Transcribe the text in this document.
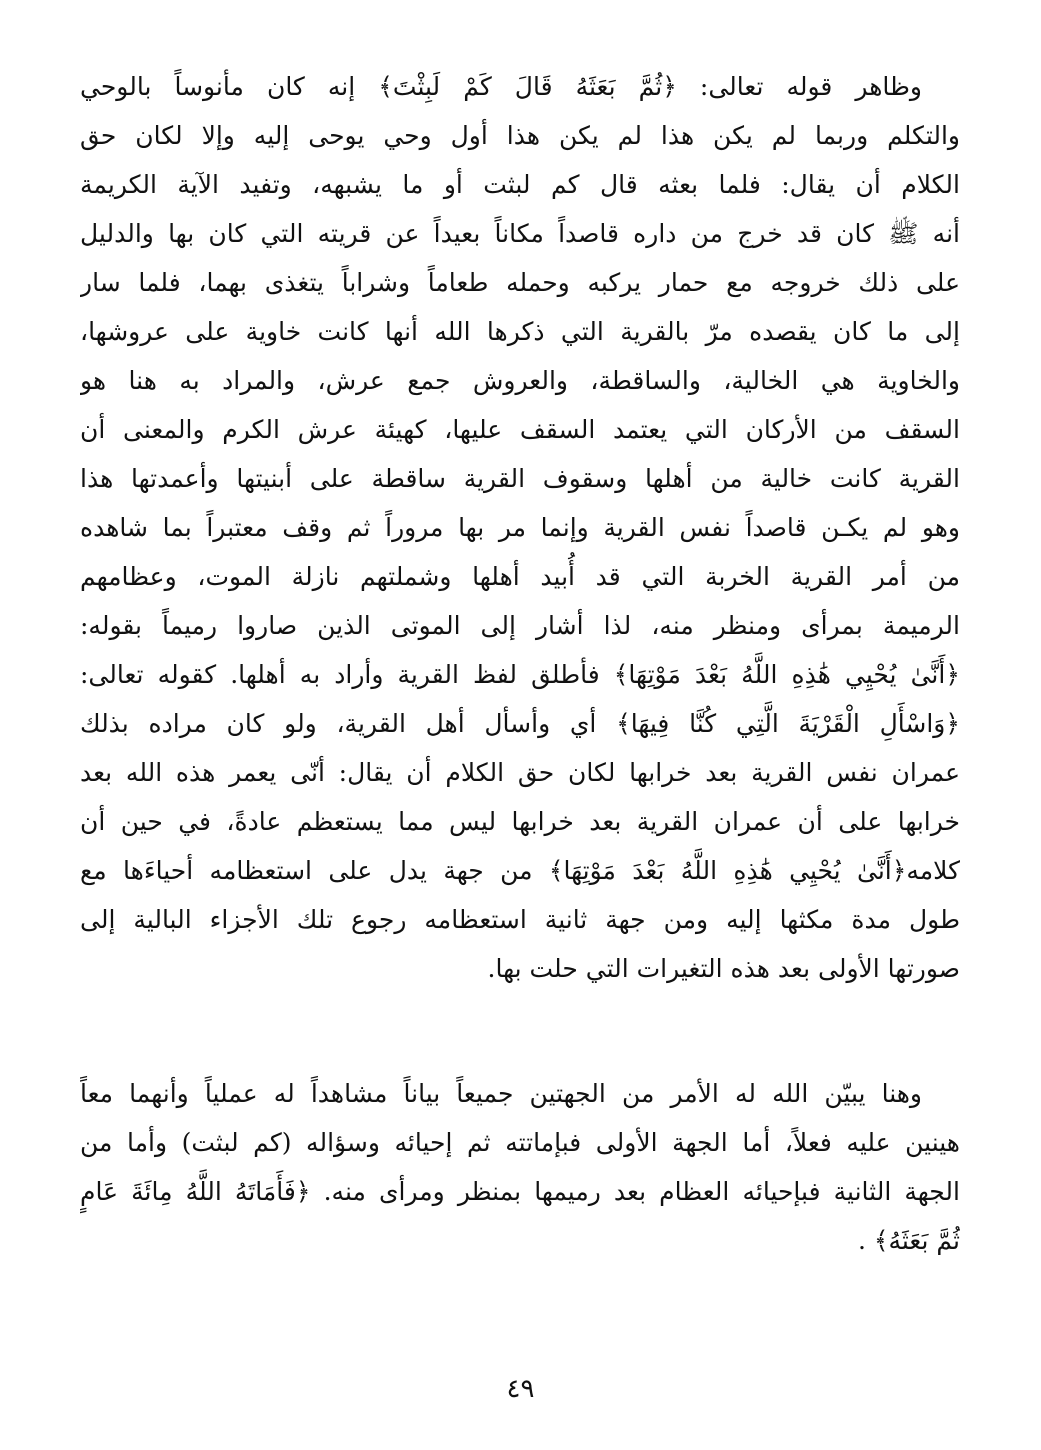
وظاهر قوله تعالى: ﴿ثُمَّ بَعَثَهُ قَالَ كَمْ لَبِثْتَ﴾ إنه كان مأنوساً بالوحي
والتكلم وربما لم يكن هذا لم يكن هذا أول وحي يوحى إليه وإلا لكان حق
الكلام أن يقال: فلما بعثه قال كم لبثت أو ما يشبهه، وتفيد الآية الكريمة
أنه ﷺ كان قد خرج من داره قاصداً مكاناً بعيداً عن قريته التي كان بها والدليل
على ذلك خروجه مع حمار يركبه وحمله طعاماً وشراباً يتغذى بهما، فلما سار
إلى ما كان يقصده مرّ بالقرية التي ذكرها الله أنها كانت خاوية على عروشها،
والخاوية هي الخالية، والساقطة، والعروش جمع عرش، والمراد به هنا هو
السقف من الأركان التي يعتمد السقف عليها، كهيئة عرش الكرم والمعنى أن
القرية كانت خالية من أهلها وسقوف القرية ساقطة على أبنيتها وأعمدتها هذا
وهو لم يكـن قاصداً نفس القرية وإنما مر بها مروراً ثم وقف معتبراً بما شاهده
من أمر القرية الخربة التي قد أُبيد أهلها وشملتهم نازلة الموت، وعظامهم
الرميمة بمرأى ومنظر منه، لذا أشار إلى الموتى الذين صاروا رميماً بقوله:
﴿أَنَّىٰ يُحْيِي هَٰذِهِ اللَّهُ بَعْدَ مَوْتِهَا﴾ فأطلق لفظ القرية وأراد به أهلها. كقوله تعالى:
﴿وَاسْأَلِ الْقَرْيَةَ الَّتِي كُنَّا فِيهَا﴾ أي وأسأل أهل القرية، ولو كان مراده بذلك
عمران نفس القرية بعد خرابها لكان حق الكلام أن يقال: أنّى يعمر هذه الله بعد
خرابها على أن عمران القرية بعد خرابها ليس مما يستعظم عادةً، في حين أن
كلامه﴿أَنَّىٰ يُحْيِي هَٰذِهِ اللَّهُ بَعْدَ مَوْتِهَا﴾ من جهة يدل على استعظامه أحياءَها مع
طول مدة مكثها إليه ومن جهة ثانية استعظامه رجوع تلك الأجزاء البالية إلى
صورتها الأولى بعد هذه التغيرات التي حلت بها.
وهنا يبيّن الله له الأمر من الجهتين جميعاً بياناً مشاهداً له عملياً وأنهما معاً
هينين عليه فعلاً، أما الجهة الأولى فبإماتته ثم إحيائه وسؤاله (كم لبثت) وأما من
الجهة الثانية فبإحيائه العظام بعد رميمها بمنظر ومرأى منه. ﴿فَأَمَاتَهُ اللَّهُ مِائَةَ عَامٍ
ثُمَّ بَعَثَهُ﴾ .
٤٩
